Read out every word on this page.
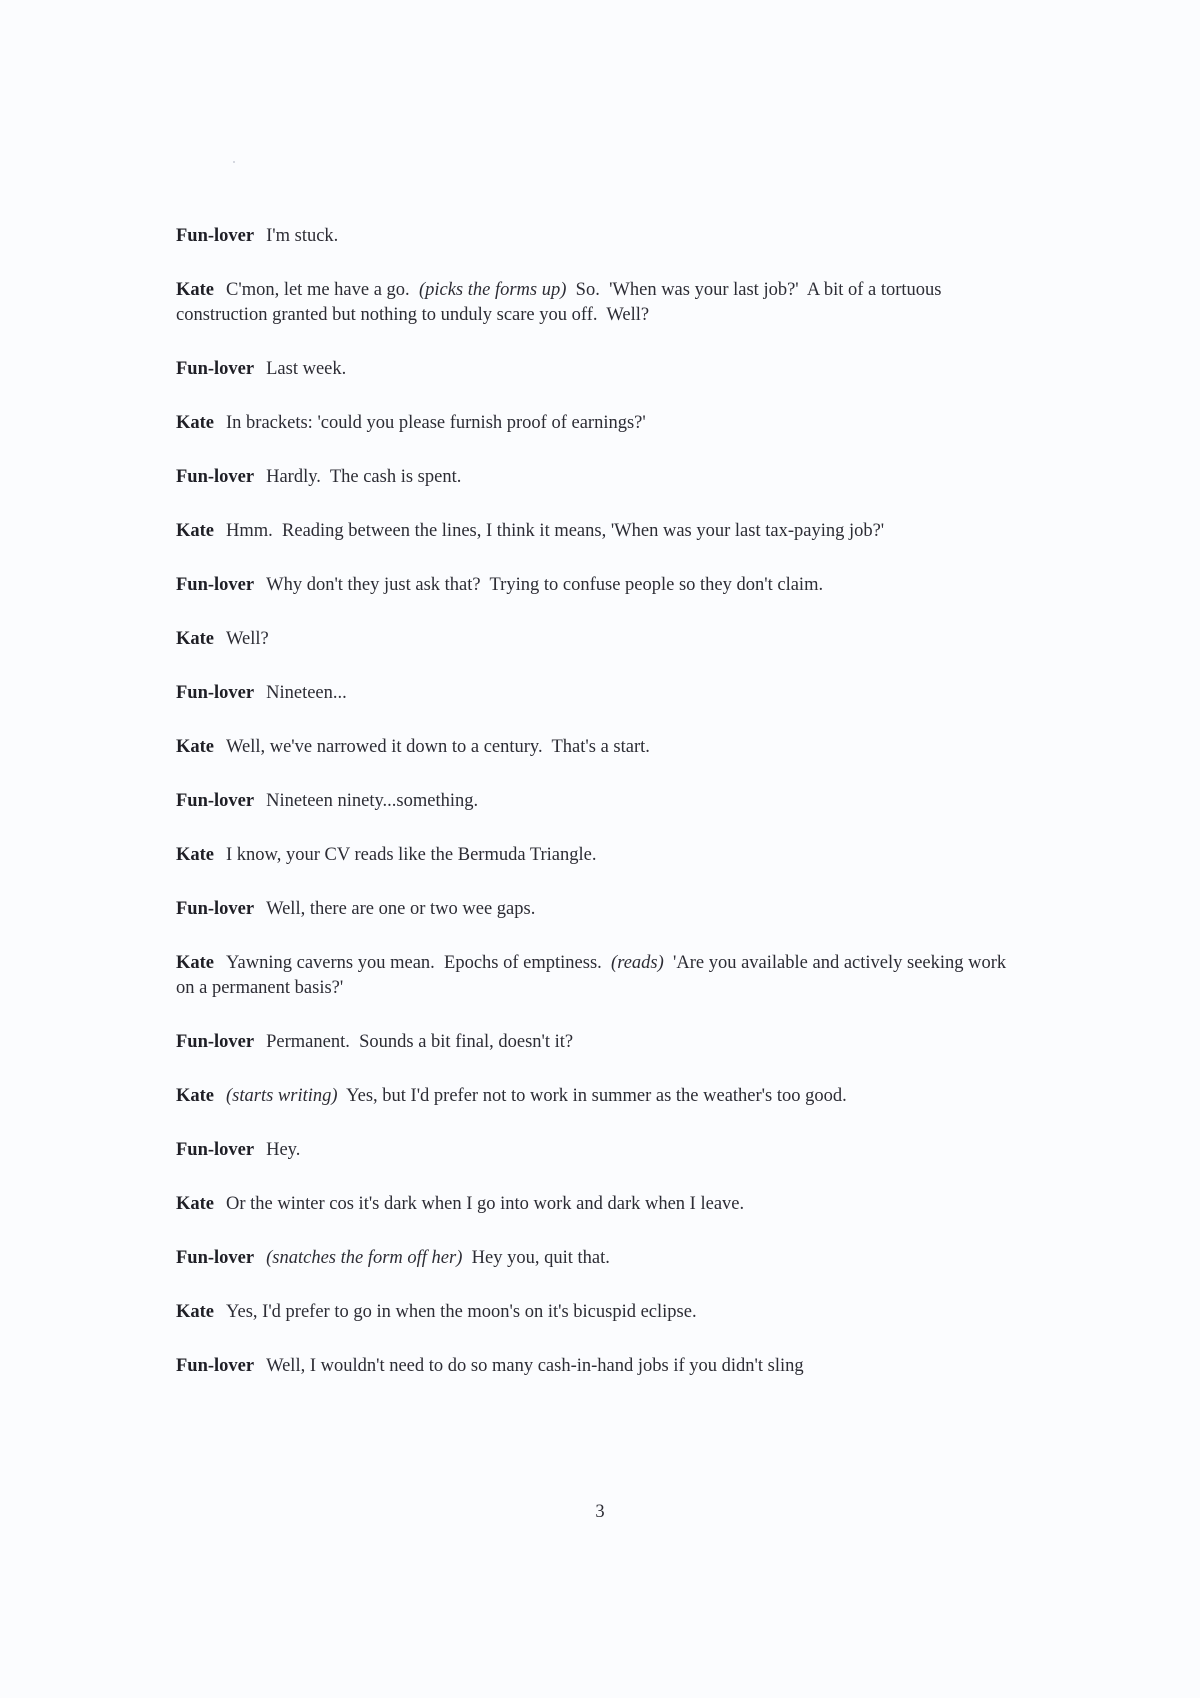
Fun-lover I'm stuck.

Kate C'mon, let me have a go.  (picks the forms up)  So.  'When was your last job?'  A bit of a tortuous construction granted but nothing to unduly scare you off.  Well?

Fun-lover Last week.

Kate In brackets: 'could you please furnish proof of earnings?'

Fun-lover Hardly.  The cash is spent.

Kate Hmm.  Reading between the lines, I think it means, 'When was your last tax-paying job?'

Fun-lover Why don't they just ask that?  Trying to confuse people so they don't claim.

Kate Well?

Fun-lover Nineteen...

Kate Well, we've narrowed it down to a century.  That's a start.

Fun-lover Nineteen ninety...something.

Kate I know, your CV reads like the Bermuda Triangle.

Fun-lover Well, there are one or two wee gaps.

Kate Yawning caverns you mean.  Epochs of emptiness.  (reads)  'Are you available and actively seeking work on a permanent basis?'

Fun-lover Permanent.  Sounds a bit final, doesn't it?

Kate (starts writing)  Yes, but I'd prefer not to work in summer as the weather's too good.

Fun-lover Hey.

Kate Or the winter cos it's dark when I go into work and dark when I leave.

Fun-lover (snatches the form off her)  Hey you, quit that.

Kate Yes, I'd prefer to go in when the moon's on it's bicuspid eclipse.

Fun-lover Well, I wouldn't need to do so many cash-in-hand jobs if you didn't sling

3
